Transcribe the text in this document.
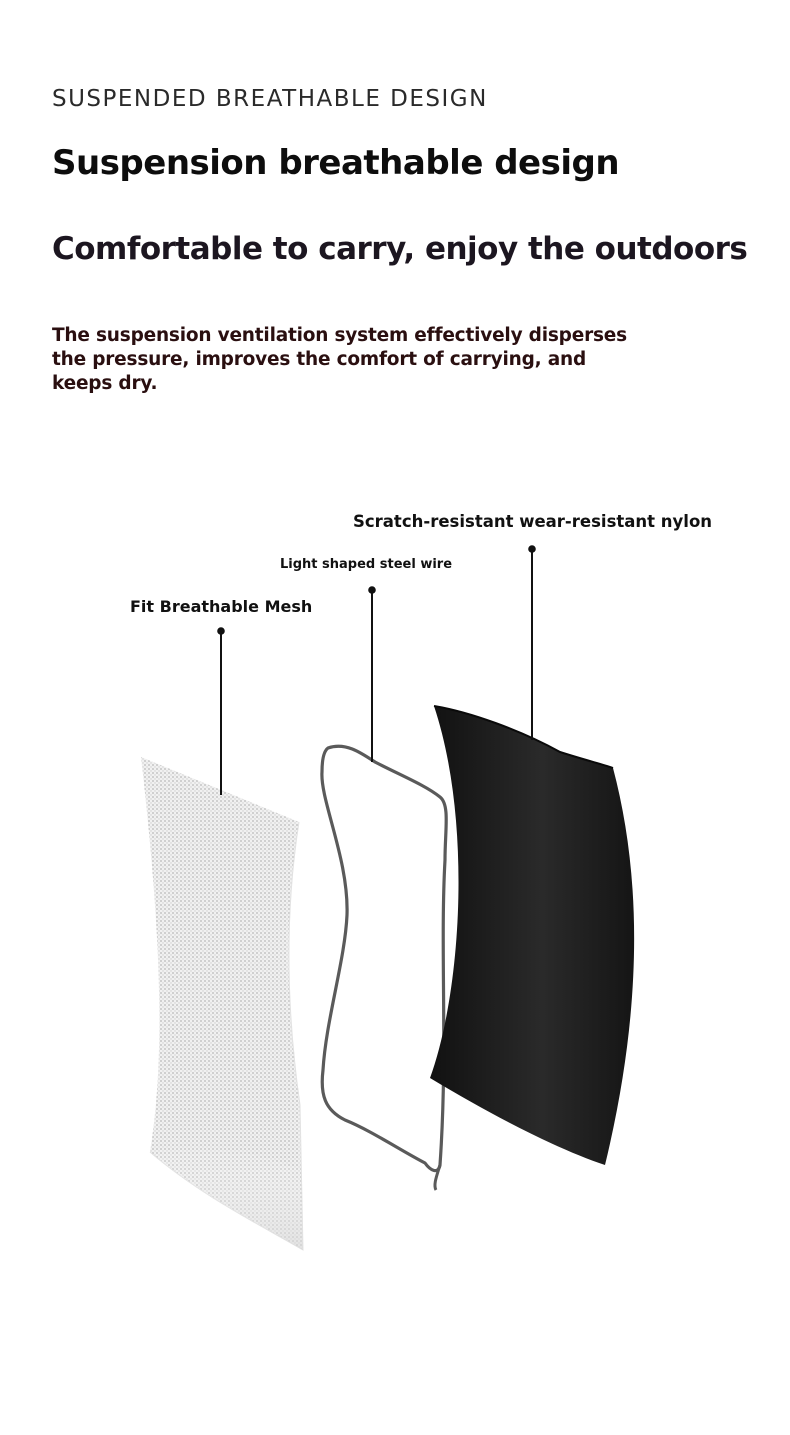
SUSPENDED BREATHABLE DESIGN
Suspension breathable design
Comfortable to carry, enjoy the outdoors
The suspension ventilation system effectively disperses the pressure, improves the comfort of carrying, and keeps dry.
Scratch-resistant wear-resistant nylon
Light shaped steel wire
Fit Breathable Mesh
